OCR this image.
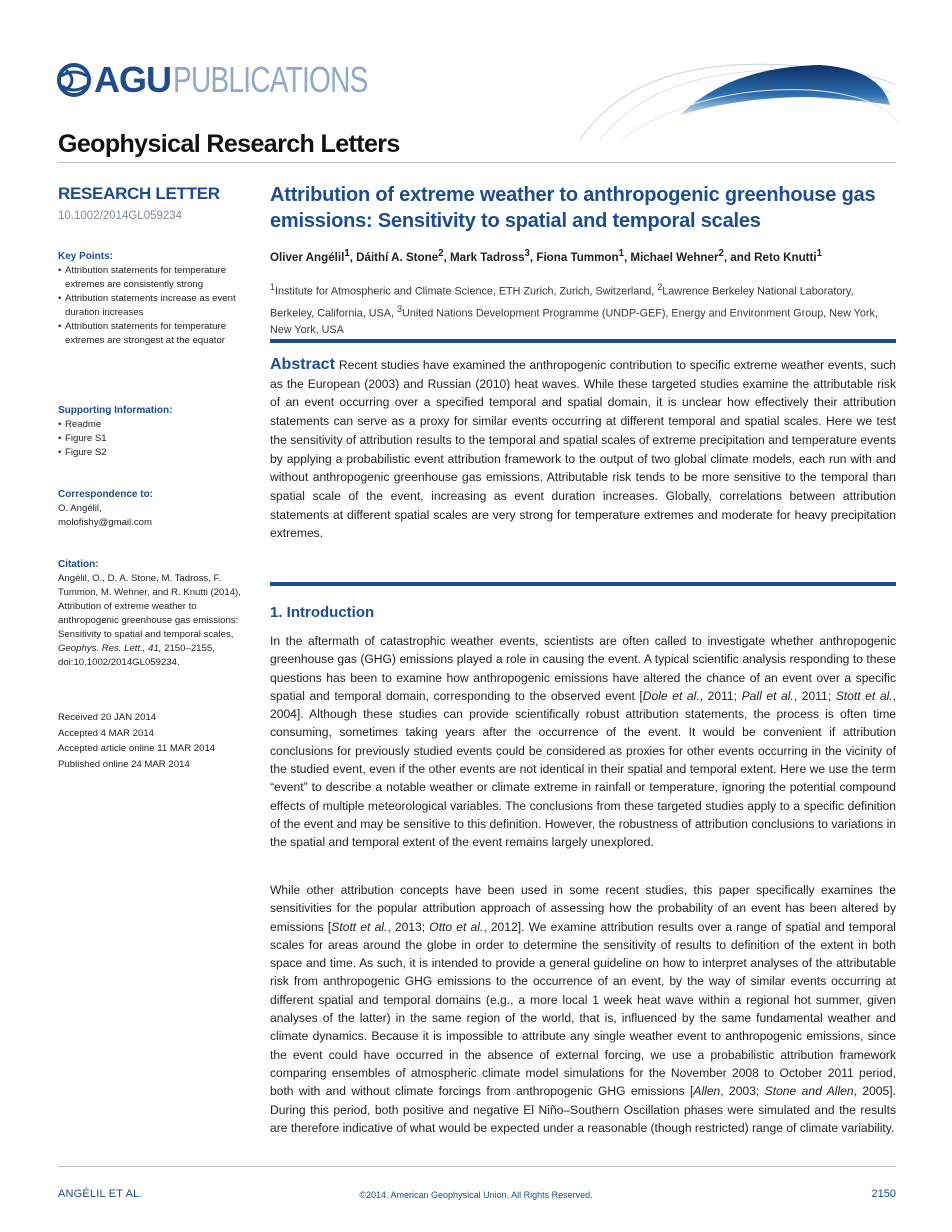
AGU PUBLICATIONS
Geophysical Research Letters
RESEARCH LETTER
10.1002/2014GL059234
Key Points:
• Attribution statements for temperature extremes are consistently strong
• Attribution statements increase as event duration increases
• Attribution statements for temperature extremes are strongest at the equator
Supporting Information:
• Readme
• Figure S1
• Figure S2
Correspondence to:
O. Angélil,
molofishy@gmail.com
Citation:
Angélil, O., D. A. Stone, M. Tadross, F. Tummon, M. Wehner, and R. Knutti (2014), Attribution of extreme weather to anthropogenic greenhouse gas emissions: Sensitivity to spatial and temporal scales, Geophys. Res. Lett., 41, 2150–2155, doi:10.1002/2014GL059234.
Received 20 JAN 2014
Accepted 4 MAR 2014
Accepted article online 11 MAR 2014
Published online 24 MAR 2014
Attribution of extreme weather to anthropogenic greenhouse gas emissions: Sensitivity to spatial and temporal scales
Oliver Angélil$^1$, Dáithí A. Stone$^2$, Mark Tadross$^3$, Fiona Tummon$^1$, Michael Wehner$^2$, and Reto Knutti$^1$
$^1$Institute for Atmospheric and Climate Science, ETH Zurich, Zurich, Switzerland, $^2$Lawrence Berkeley National Laboratory, Berkeley, California, USA, $^3$United Nations Development Programme (UNDP-GEF), Energy and Environment Group, New York, New York, USA
Abstract Recent studies have examined the anthropogenic contribution to specific extreme weather events, such as the European (2003) and Russian (2010) heat waves. While these targeted studies examine the attributable risk of an event occurring over a specified temporal and spatial domain, it is unclear how effectively their attribution statements can serve as a proxy for similar events occurring at different temporal and spatial scales. Here we test the sensitivity of attribution results to the temporal and spatial scales of extreme precipitation and temperature events by applying a probabilistic event attribution framework to the output of two global climate models, each run with and without anthropogenic greenhouse gas emissions. Attributable risk tends to be more sensitive to the temporal than spatial scale of the event, increasing as event duration increases. Globally, correlations between attribution statements at different spatial scales are very strong for temperature extremes and moderate for heavy precipitation extremes.
1. Introduction

In the aftermath of catastrophic weather events, scientists are often called to investigate whether anthropogenic greenhouse gas (GHG) emissions played a role in causing the event. A typical scientific analysis responding to these questions has been to examine how anthropogenic emissions have altered the chance of an event over a specific spatial and temporal domain, corresponding to the observed event [Dole et al., 2011; Pall et al., 2011; Stott et al., 2004]. Although these studies can provide scientifically robust attribution statements, the process is often time consuming, sometimes taking years after the occurrence of the event. It would be convenient if attribution conclusions for previously studied events could be considered as proxies for other events occurring in the vicinity of the studied event, even if the other events are not identical in their spatial and temporal extent. Here we use the term “event” to describe a notable weather or climate extreme in rainfall or temperature, ignoring the potential compound effects of multiple meteorological variables. The conclusions from these targeted studies apply to a specific definition of the event and may be sensitive to this definition. However, the robustness of attribution conclusions to variations in the spatial and temporal extent of the event remains largely unexplored.

While other attribution concepts have been used in some recent studies, this paper specifically examines the sensitivities for the popular attribution approach of assessing how the probability of an event has been altered by emissions [Stott et al., 2013; Otto et al., 2012]. We examine attribution results over a range of spatial and temporal scales for areas around the globe in order to determine the sensitivity of results to definition of the extent in both space and time. As such, it is intended to provide a general guideline on how to interpret analyses of the attributable risk from anthropogenic GHG emissions to the occurrence of an event, by the way of similar events occurring at different spatial and temporal domains (e.g., a more local 1 week heat wave within a regional hot summer, given analyses of the latter) in the same region of the world, that is, influenced by the same fundamental weather and climate dynamics. Because it is impossible to attribute any single weather event to anthropogenic emissions, since the event could have occurred in the absence of external forcing, we use a probabilistic attribution framework comparing ensembles of atmospheric climate model simulations for the November 2008 to October 2011 period, both with and without climate forcings from anthropogenic GHG emissions [Allen, 2003; Stone and Allen, 2005]. During this period, both positive and negative El Niño–Southern Oscillation phases were simulated and the results are therefore indicative of what would be expected under a reasonable (though restricted) range of climate variability.

ANGÉLIL ET AL.	©2014. American Geophysical Union. All Rights Reserved.	2150
